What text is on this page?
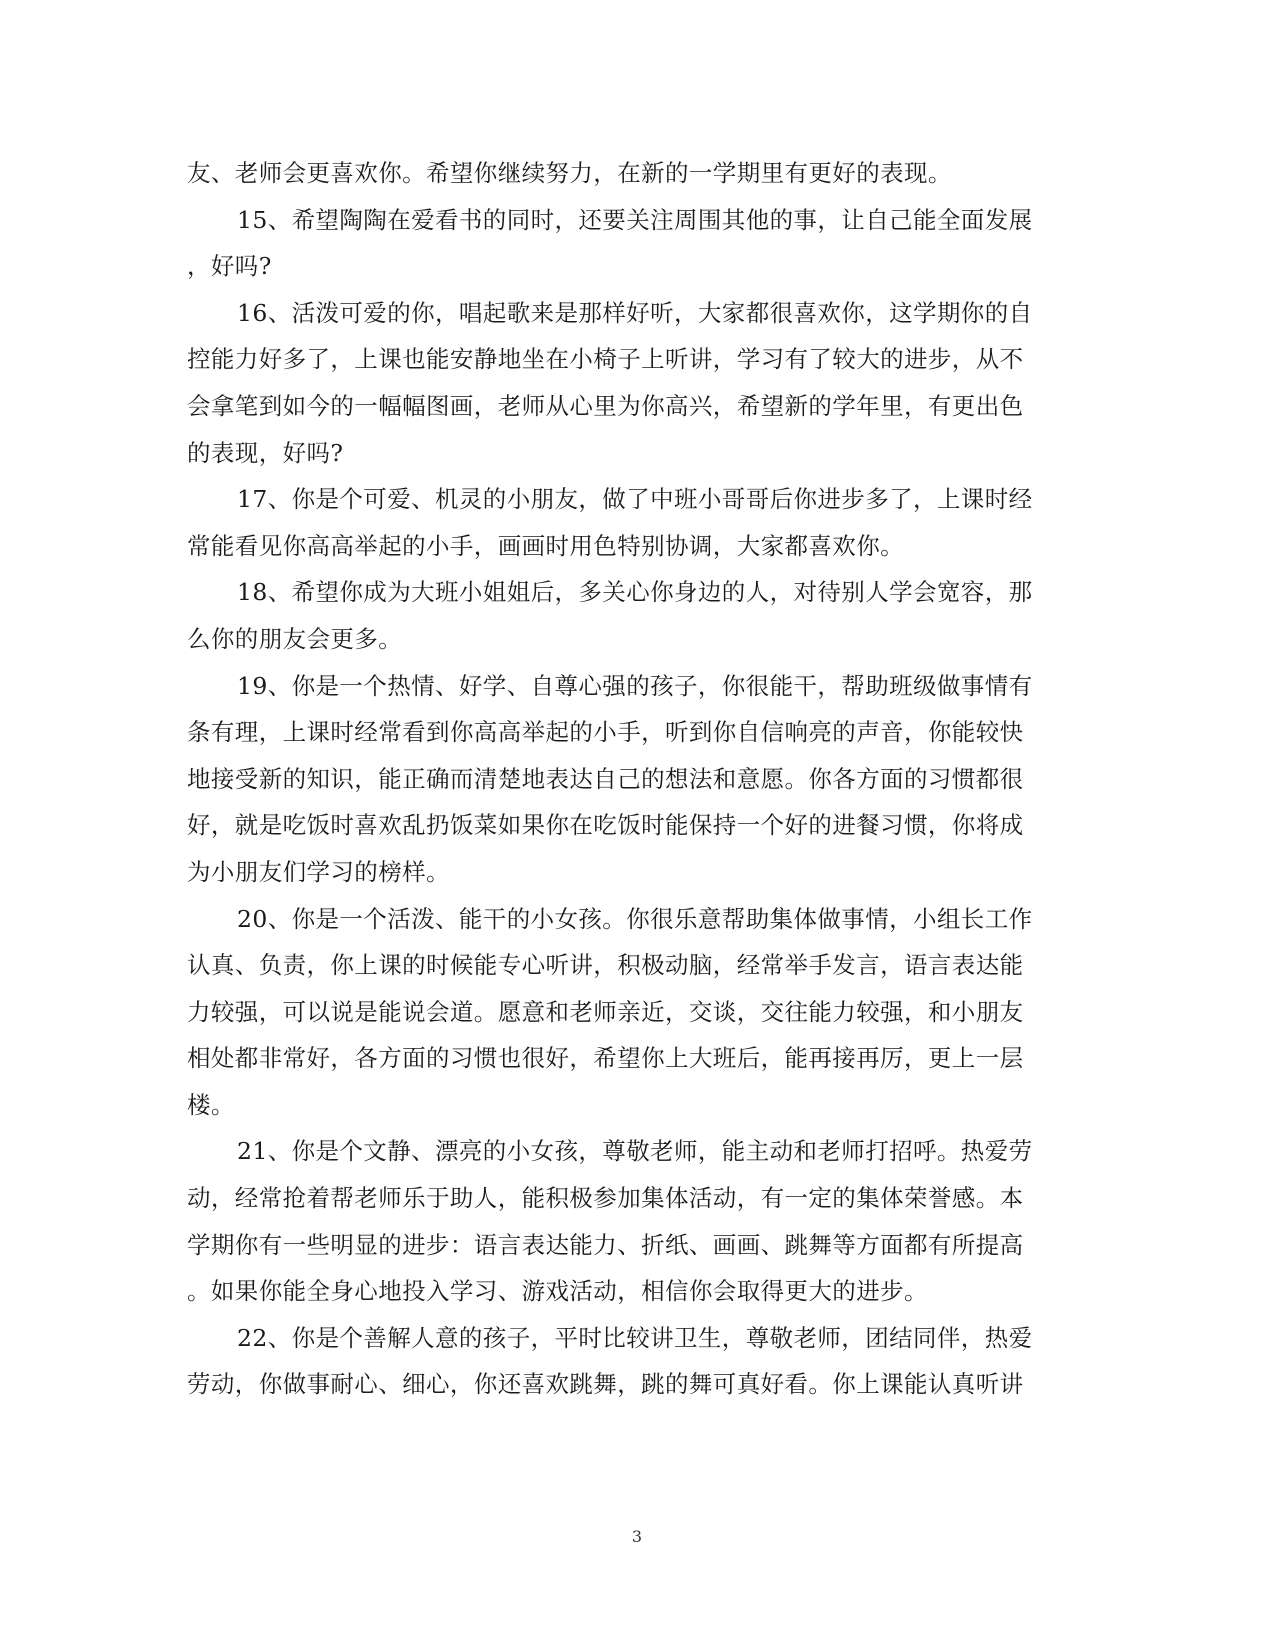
友、老师会更喜欢你。希望你继续努力，在新的一学期里有更好的表现。
15、希望陶陶在爱看书的同时，还要关注周围其他的事，让自己能全面发展
，好吗?
16、活泼可爱的你，唱起歌来是那样好听，大家都很喜欢你，这学期你的自
控能力好多了，上课也能安静地坐在小椅子上听讲，学习有了较大的进步，从不
会拿笔到如今的一幅幅图画，老师从心里为你高兴，希望新的学年里，有更出色
的表现，好吗?
17、你是个可爱、机灵的小朋友，做了中班小哥哥后你进步多了，上课时经
常能看见你高高举起的小手，画画时用色特别协调，大家都喜欢你。
18、希望你成为大班小姐姐后，多关心你身边的人，对待别人学会宽容，那
么你的朋友会更多。
19、你是一个热情、好学、自尊心强的孩子，你很能干，帮助班级做事情有
条有理，上课时经常看到你高高举起的小手，听到你自信响亮的声音，你能较快
地接受新的知识，能正确而清楚地表达自己的想法和意愿。你各方面的习惯都很
好，就是吃饭时喜欢乱扔饭菜如果你在吃饭时能保持一个好的进餐习惯，你将成
为小朋友们学习的榜样。
20、你是一个活泼、能干的小女孩。你很乐意帮助集体做事情，小组长工作
认真、负责，你上课的时候能专心听讲，积极动脑，经常举手发言，语言表达能
力较强，可以说是能说会道。愿意和老师亲近，交谈，交往能力较强，和小朋友
相处都非常好，各方面的习惯也很好，希望你上大班后，能再接再厉，更上一层
楼。
21、你是个文静、漂亮的小女孩，尊敬老师，能主动和老师打招呼。热爱劳
动，经常抢着帮老师乐于助人，能积极参加集体活动，有一定的集体荣誉感。本
学期你有一些明显的进步：语言表达能力、折纸、画画、跳舞等方面都有所提高
。如果你能全身心地投入学习、游戏活动，相信你会取得更大的进步。
22、你是个善解人意的孩子，平时比较讲卫生，尊敬老师，团结同伴，热爱
劳动，你做事耐心、细心，你还喜欢跳舞，跳的舞可真好看。你上课能认真听讲
3
